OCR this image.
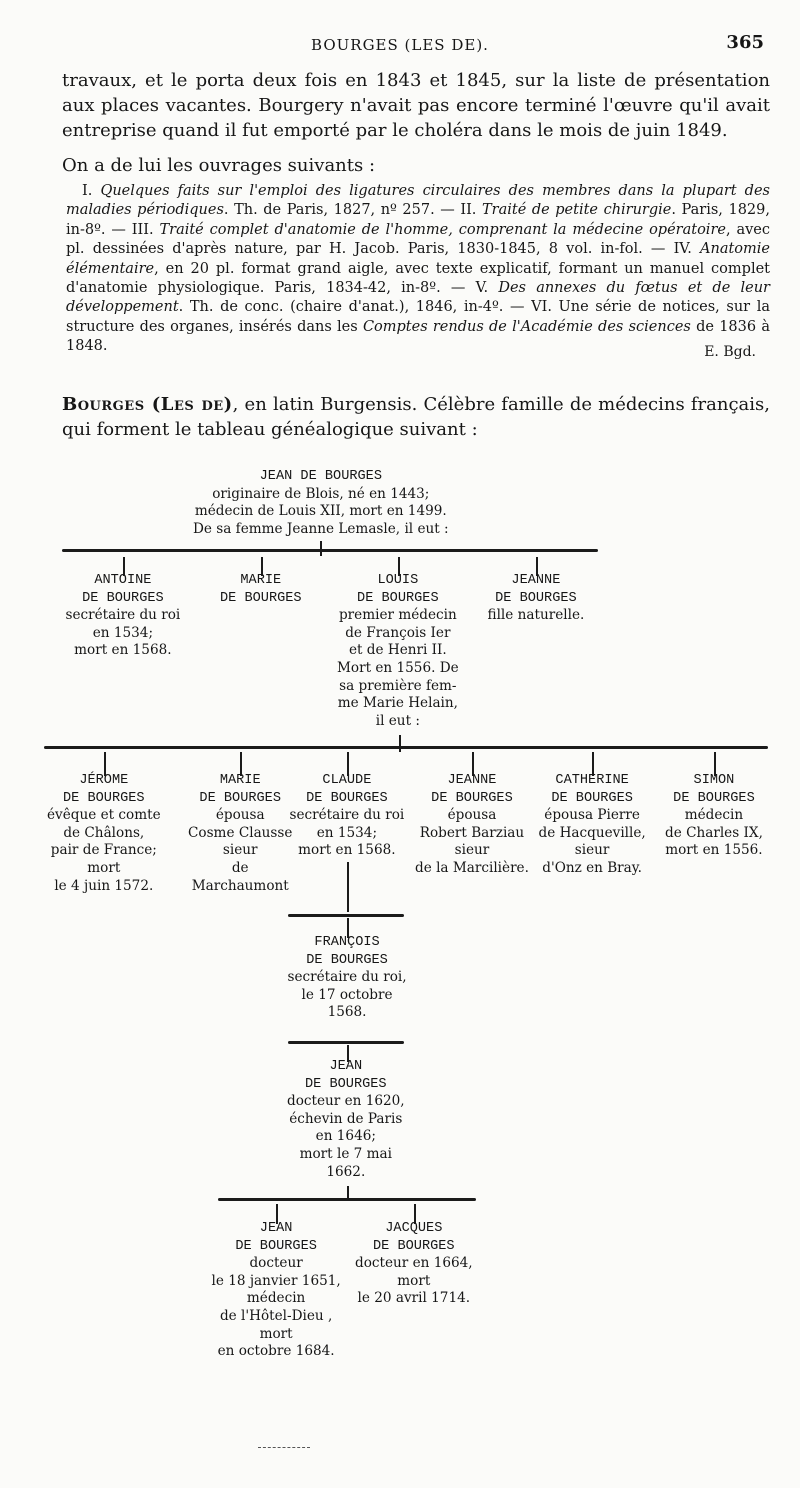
BOURGES (LES DE).	365

travaux, et le porta deux fois en 1843 et 1845, sur la liste de présentation aux places vacantes. Bourgery n'avait pas encore terminé l'œuvre qu'il avait entreprise quand il fut emporté par le choléra dans le mois de juin 1849.

On a de lui les ouvrages suivants :

I. Quelques faits sur l'emploi des ligatures circulaires des membres dans la plupart des maladies périodiques. Th. de Paris, 1827, nº 257. — II. Traité de petite chirurgie. Paris, 1829, in-8º. — III. Traité complet d'anatomie de l'homme, comprenant la médecine opératoire, avec pl. dessinées d'après nature, par H. Jacob. Paris, 1830-1845, 8 vol. in-fol. — IV. Anatomie élémentaire, en 20 pl. format grand aigle, avec texte explicatif, formant un manuel complet d'anatomie physiologique. Paris, 1834-42, in-8º. — V. Des annexes du fœtus et de leur développement. Th. de conc. (chaire d'anat.), 1846, in-4º. — VI. Une série de notices, sur la structure des organes, insérés dans les Comptes rendus de l'Académie des sciences de 1836 à 1848.	E. Bgd.

Bourges (Les de), en latin Burgensis. Célèbre famille de médecins français, qui forment le tableau généalogique suivant :

JEAN DE BOURGES
originaire de Blois, né en 1443;
médecin de Louis XII, mort en 1499.
De sa femme Jeanne Lemasle, il eut :
ANTOINE
DE BOURGES
secrétaire du roi
en 1534;
mort en 1568.
MARIE
DE BOURGES
LOUIS
DE BOURGES
premier médecin
de François Ier
et de Henri II.
Mort en 1556. De
sa première fem-
me Marie Helain,
il eut :
JEANNE
DE BOURGES
fille naturelle.
JÉROME
DE BOURGES
évêque et comte
de Châlons,
pair de France;
mort
le 4 juin 1572.
MARIE
DE BOURGES
épousa
Cosme Clausse
sieur
de
Marchaumont
CLAUDE
DE BOURGES
secrétaire du roi
en 1534;
mort en 1568.
JEANNE
DE BOURGES
épousa
Robert Barziau
sieur
de la Marcilière.
CATHERINE
DE BOURGES
épousa Pierre
de Hacqueville,
sieur
d'Onz en Bray.
SIMON
DE BOURGES
médecin
de Charles IX,
mort en 1556.
FRANÇOIS
DE BOURGES
secrétaire du roi,
le 17 octobre
1568.
JEAN
DE BOURGES
docteur en 1620,
échevin de Paris
en 1646;
mort le 7 mai
1662.
JEAN
DE BOURGES
docteur
le 18 janvier 1651,
médecin
de l'Hôtel-Dieu ,
mort
en octobre 1684.
JACQUES
DE BOURGES
docteur en 1664,
mort
le 20 avril 1714.
